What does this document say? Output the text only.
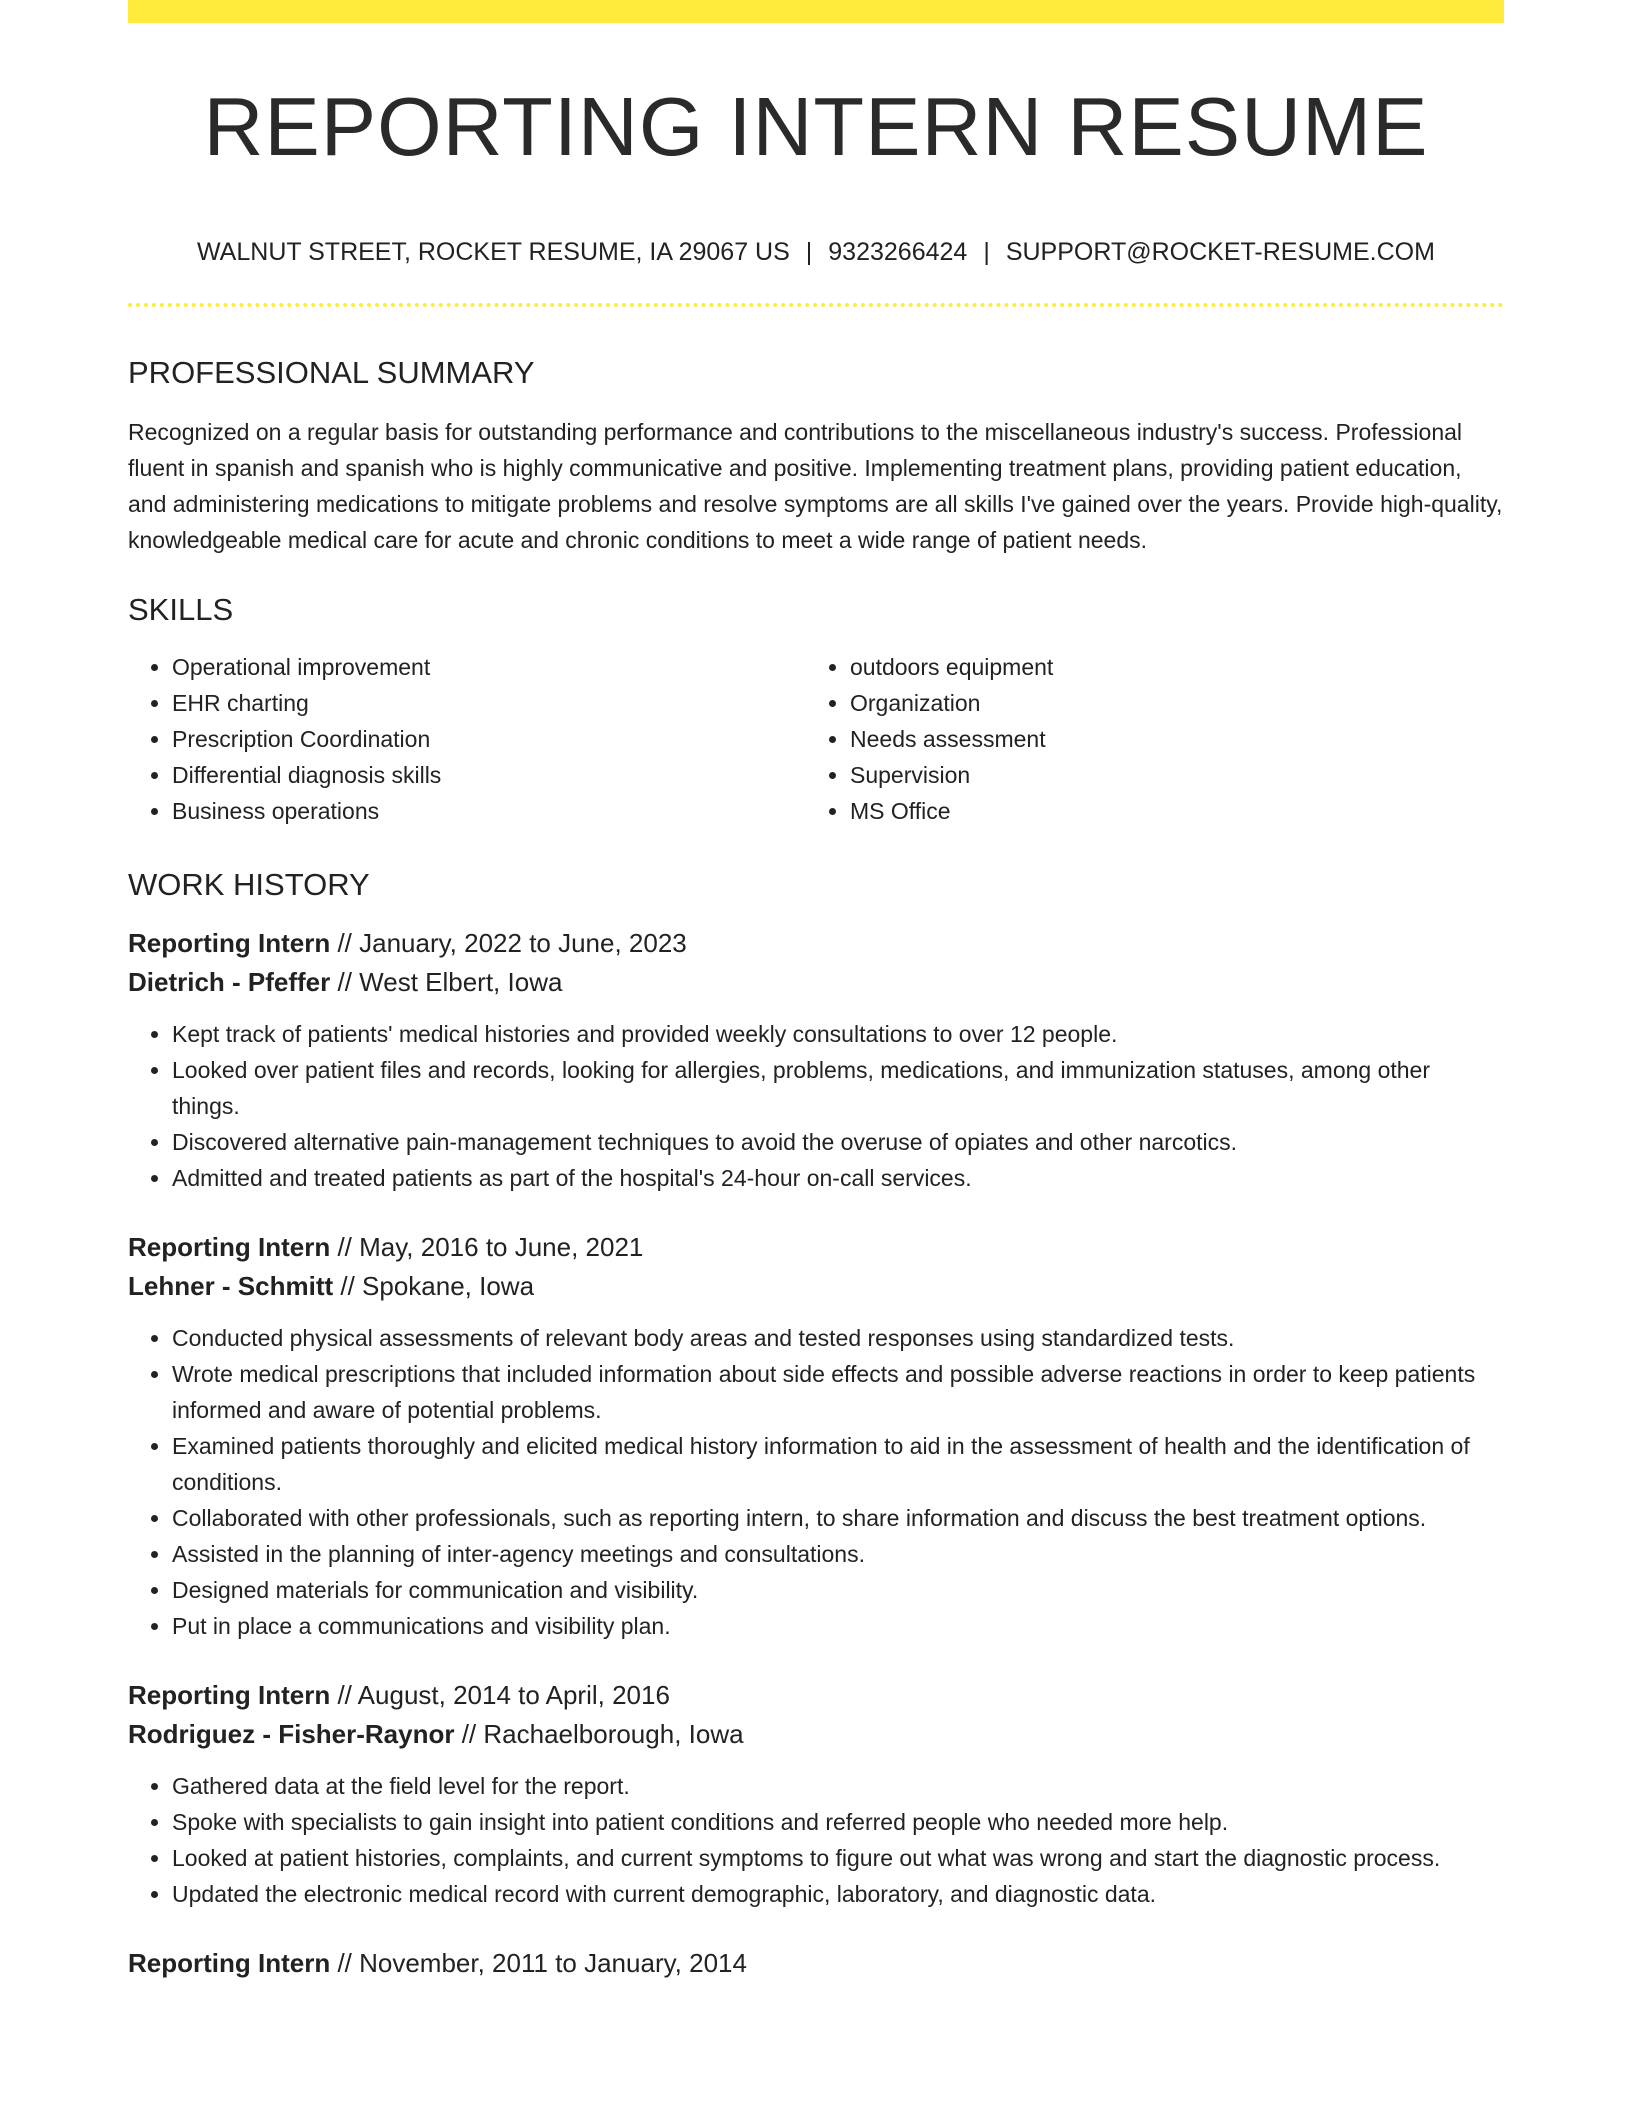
REPORTING INTERN RESUME
WALNUT STREET, ROCKET RESUME, IA 29067 US | 9323266424 | SUPPORT@ROCKET-RESUME.COM
PROFESSIONAL SUMMARY
Recognized on a regular basis for outstanding performance and contributions to the miscellaneous industry's success. Professional fluent in spanish and spanish who is highly communicative and positive. Implementing treatment plans, providing patient education, and administering medications to mitigate problems and resolve symptoms are all skills I've gained over the years. Provide high-quality, knowledgeable medical care for acute and chronic conditions to meet a wide range of patient needs.
SKILLS
• Operational improvement
• EHR charting
• Prescription Coordination
• Differential diagnosis skills
• Business operations
• outdoors equipment
• Organization
• Needs assessment
• Supervision
• MS Office
WORK HISTORY
Reporting Intern // January, 2022 to June, 2023
Dietrich - Pfeffer // West Elbert, Iowa
• Kept track of patients' medical histories and provided weekly consultations to over 12 people.
• Looked over patient files and records, looking for allergies, problems, medications, and immunization statuses, among other things.
• Discovered alternative pain-management techniques to avoid the overuse of opiates and other narcotics.
• Admitted and treated patients as part of the hospital's 24-hour on-call services.
Reporting Intern // May, 2016 to June, 2021
Lehner - Schmitt // Spokane, Iowa
• Conducted physical assessments of relevant body areas and tested responses using standardized tests.
• Wrote medical prescriptions that included information about side effects and possible adverse reactions in order to keep patients informed and aware of potential problems.
• Examined patients thoroughly and elicited medical history information to aid in the assessment of health and the identification of conditions.
• Collaborated with other professionals, such as reporting intern, to share information and discuss the best treatment options.
• Assisted in the planning of inter-agency meetings and consultations.
• Designed materials for communication and visibility.
• Put in place a communications and visibility plan.
Reporting Intern // August, 2014 to April, 2016
Rodriguez - Fisher-Raynor // Rachaelborough, Iowa
• Gathered data at the field level for the report.
• Spoke with specialists to gain insight into patient conditions and referred people who needed more help.
• Looked at patient histories, complaints, and current symptoms to figure out what was wrong and start the diagnostic process.
• Updated the electronic medical record with current demographic, laboratory, and diagnostic data.
Reporting Intern // November, 2011 to January, 2014
